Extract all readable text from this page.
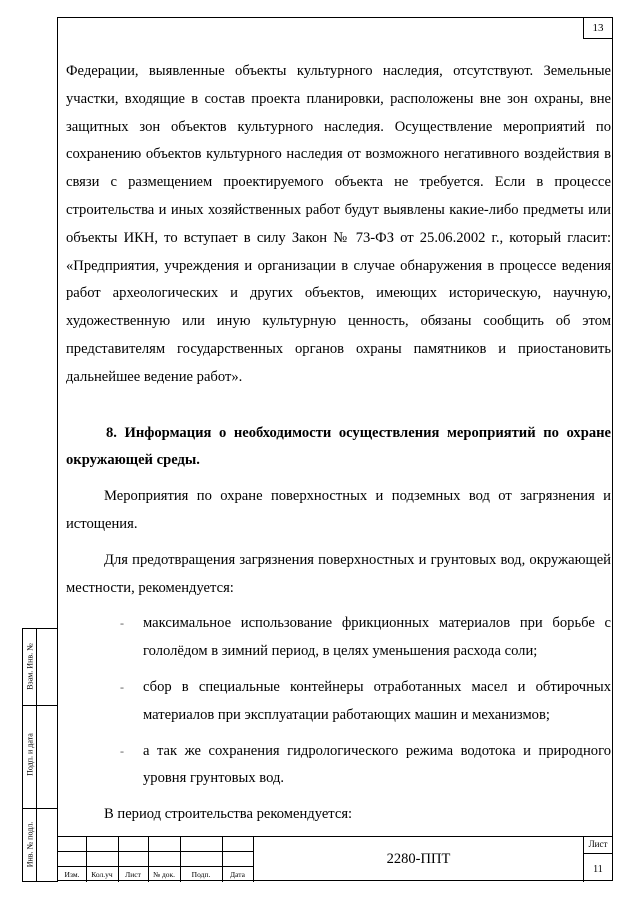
13

Федерации, выявленные объекты культурного наследия, отсутствуют. Земельные участки, входящие в состав проекта планировки, расположены вне зон охраны, вне защитных зон объектов культурного наследия. Осуществление мероприятий по сохранению объектов культурного наследия от возможного негативного воздействия в связи с размещением проектируемого объекта не требуется. Если в процессе строительства и иных хозяйственных работ будут выявлены какие-либо предметы или объекты ИКН, то вступает в силу Закон № 73-ФЗ от 25.06.2002 г., который гласит: «Предприятия, учреждения и организации в случае обнаружения в процессе ведения работ археологических и других объектов, имеющих историческую, научную, художественную или иную культурную ценность, обязаны сообщить об этом представителям государственных органов охраны памятников и приостановить дальнейшее ведение работ».

8. Информация о необходимости осуществления мероприятий по охране окружающей среды.

Мероприятия по охране поверхностных и подземных вод от загрязнения и истощения.

Для предотвращения загрязнения поверхностных и грунтовых вод, окружающей местности, рекомендуется:

- максимальное использование фрикционных материалов при борьбе с гололёдом в зимний период, в целях уменьшения расхода соли;
- сбор в специальные контейнеры отработанных масел и обтирочных материалов при эксплуатации работающих машин и механизмов;
- а так же сохранения гидрологического режима водотока и природного уровня грунтовых вод.

В период строительства рекомендуется:

Взам. Инв. №
Подп. и дата
Инв. № подл.
Изм.	Кол.уч	Лист	№ док.	Подп.	Дата
2280-ППТ
Лист
11
